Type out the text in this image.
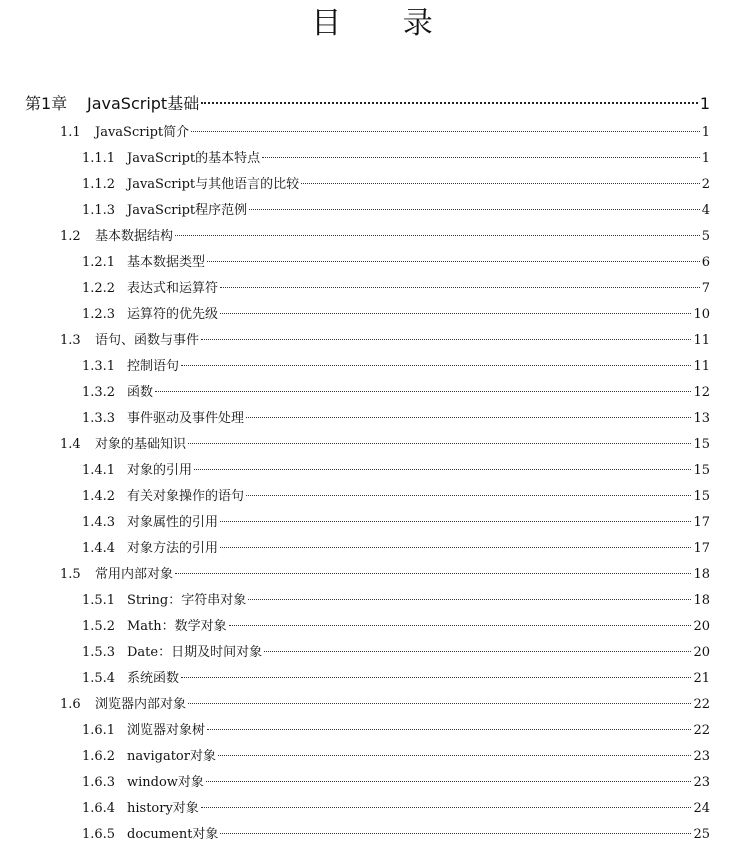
目 录
第1章	JavaScript基础	1
1.1	JavaScript简介	1
1.1.1 JavaScript的基本特点	1
1.1.2 JavaScript与其他语言的比较	2
1.1.3 JavaScript程序范例	4
1.2	基本数据结构	5
1.2.1 基本数据类型	6
1.2.2 表达式和运算符	7
1.2.3 运算符的优先级	10
1.3	语句、函数与事件	11
1.3.1 控制语句	11
1.3.2 函数	12
1.3.3 事件驱动及事件处理	13
1.4	对象的基础知识	15
1.4.1 对象的引用	15
1.4.2 有关对象操作的语句	15
1.4.3 对象属性的引用	17
1.4.4 对象方法的引用	17
1.5	常用内部对象	18
1.5.1 String：字符串对象	18
1.5.2 Math：数学对象	20
1.5.3 Date：日期及时间对象	20
1.5.4 系统函数	21
1.6	浏览器内部对象	22
1.6.1 浏览器对象树	22
1.6.2 navigator对象	23
1.6.3 window对象	23
1.6.4 history对象	24
1.6.5 document对象	25
